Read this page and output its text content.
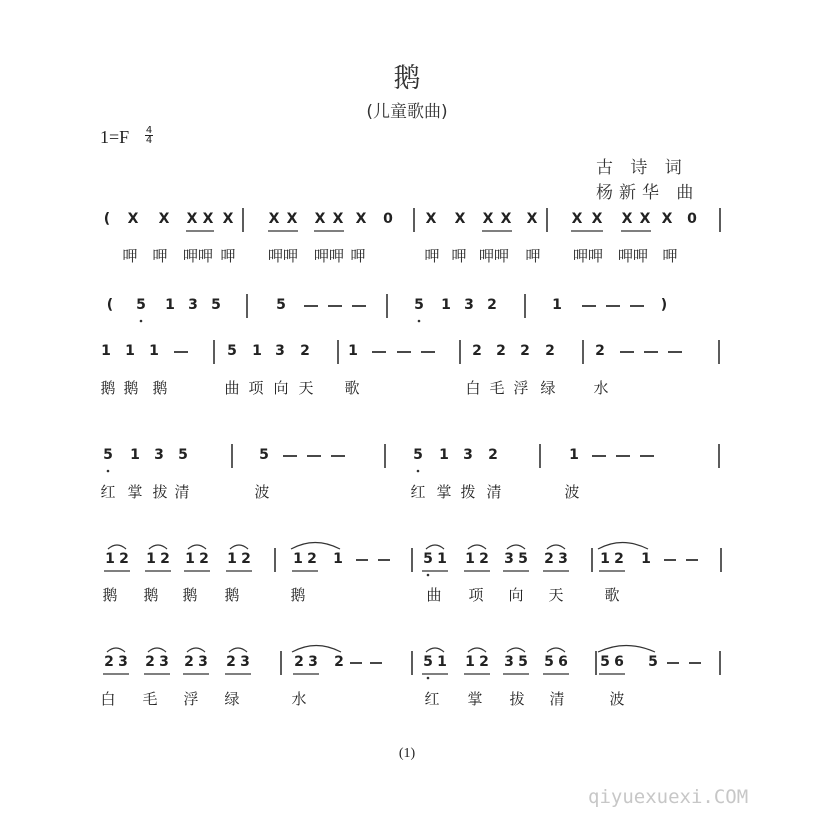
鹅
(儿童歌曲)
1=F 4
4
古 诗 词
杨新华 曲
( X X X X X	X X X X X 0 X X X X X X X X X X 0
呷 呷 呷呷 呷 呷呷 呷呷 呷	呷 呷 呷呷 呷 呷呷 呷呷 呷
( 5 1 3 5	5	5 1 3 2	1	)
1 1 1	5 1 3 2	1	2 2 2 2	2
鹅 鹅 鹅	曲 项 向 天 歌	白 毛 浮 绿	水
5 1 3 5	5	5 1 3 2	1
红 掌 拔 清	波	红 掌 拨 清	波
1 2 1 2 1 2 1 2	1 2 1	5 1 1 2 3 5 2 3 1 2 1
鹅 鹅 鹅 鹅	鹅	曲 项 向 天	歌
2 3 2 3 2 3 2 3	2 3 2	5 1 1 2 3 5 5 6 5 6 5
白 毛 浮 绿	水	红 掌 拔 清	波
(1)
qiyuexuexi.COM
